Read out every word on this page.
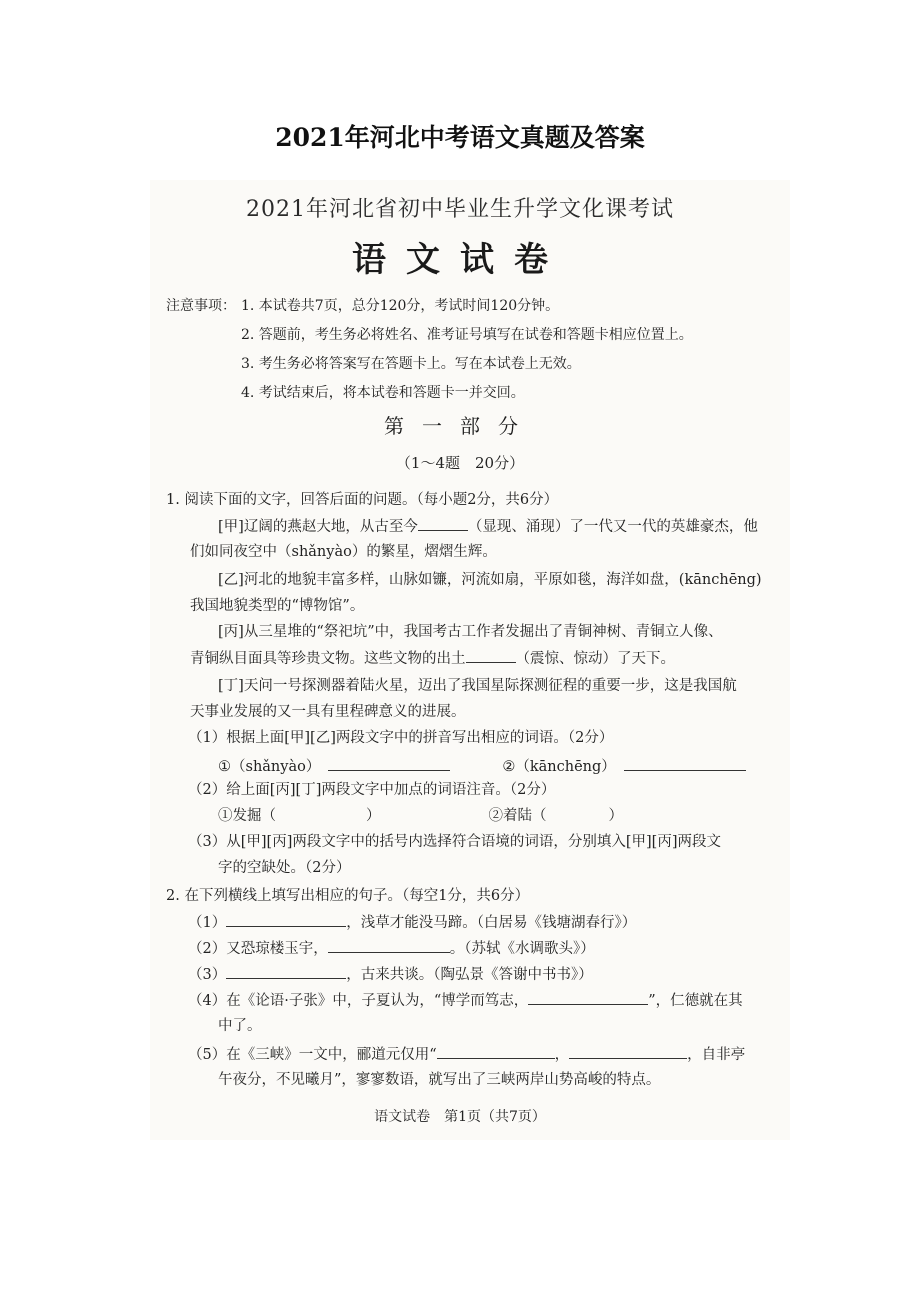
2021年河北中考语文真题及答案
2021年河北省初中毕业生升学文化课考试
语文试卷
注意事项： 1. 本试卷共7页，总分120分，考试时间120分钟。
2. 答题前，考生务必将姓名、准考证号填写在试卷和答题卡相应位置上。
3. 考生务必将答案写在答题卡上。写在本试卷上无效。
4. 考试结束后，将本试卷和答题卡一并交回。
第一部分
（1～4题　20分）
1. 阅读下面的文字，回答后面的问题。（每小题2分，共6分）
[甲]辽阔的燕赵大地，从古至今	（显现、涌现）了一代又一代的英雄豪杰，他
们如同夜空中（shǎnyào）的繁星，熠熠生辉。
[乙]河北的地貌丰富多样，山脉如镰，河流如扇，平原如毯，海洋如盘，(kānchēng)
我国地貌类型的“博物馆”。
[丙]从三星堆的“祭祀坑”中，我国考古工作者发掘出了青铜神树、青铜立人像、
青铜纵目面具等珍贵文物。这些文物的出土	（震惊、惊动）了天下。
[丁]天问一号探测器着陆火星，迈出了我国星际探测征程的重要一步，这是我国航
天事业发展的又一具有里程碑意义的进展。
（1）根据上面[甲][乙]两段文字中的拼音写出相应的词语。（2分）
①（shǎnyào）	②（kānchēng）
（2）给上面[丙][丁]两段文字中加点的词语注音。（2分）
①发掘（	）	②着陆（	）
（3）从[甲][丙]两段文字中的括号内选择符合语境的词语，分别填入[甲][丙]两段文
字的空缺处。（2分）
2. 在下列横线上填写出相应的句子。（每空1分，共6分）
（1）	，浅草才能没马蹄。（白居易《钱塘湖春行》）
（2）又恐琼楼玉宇，	。（苏轼《水调歌头》）
（3）	，古来共谈。（陶弘景《答谢中书书》）
（4）在《论语·子张》中，子夏认为，“博学而笃志，	”，仁德就在其
中了。
（5）在《三峡》一文中，郦道元仅用“	，	，自非亭
午夜分，不见曦月”，寥寥数语，就写出了三峡两岸山势高峻的特点。
语文试卷　第1页（共7页）
